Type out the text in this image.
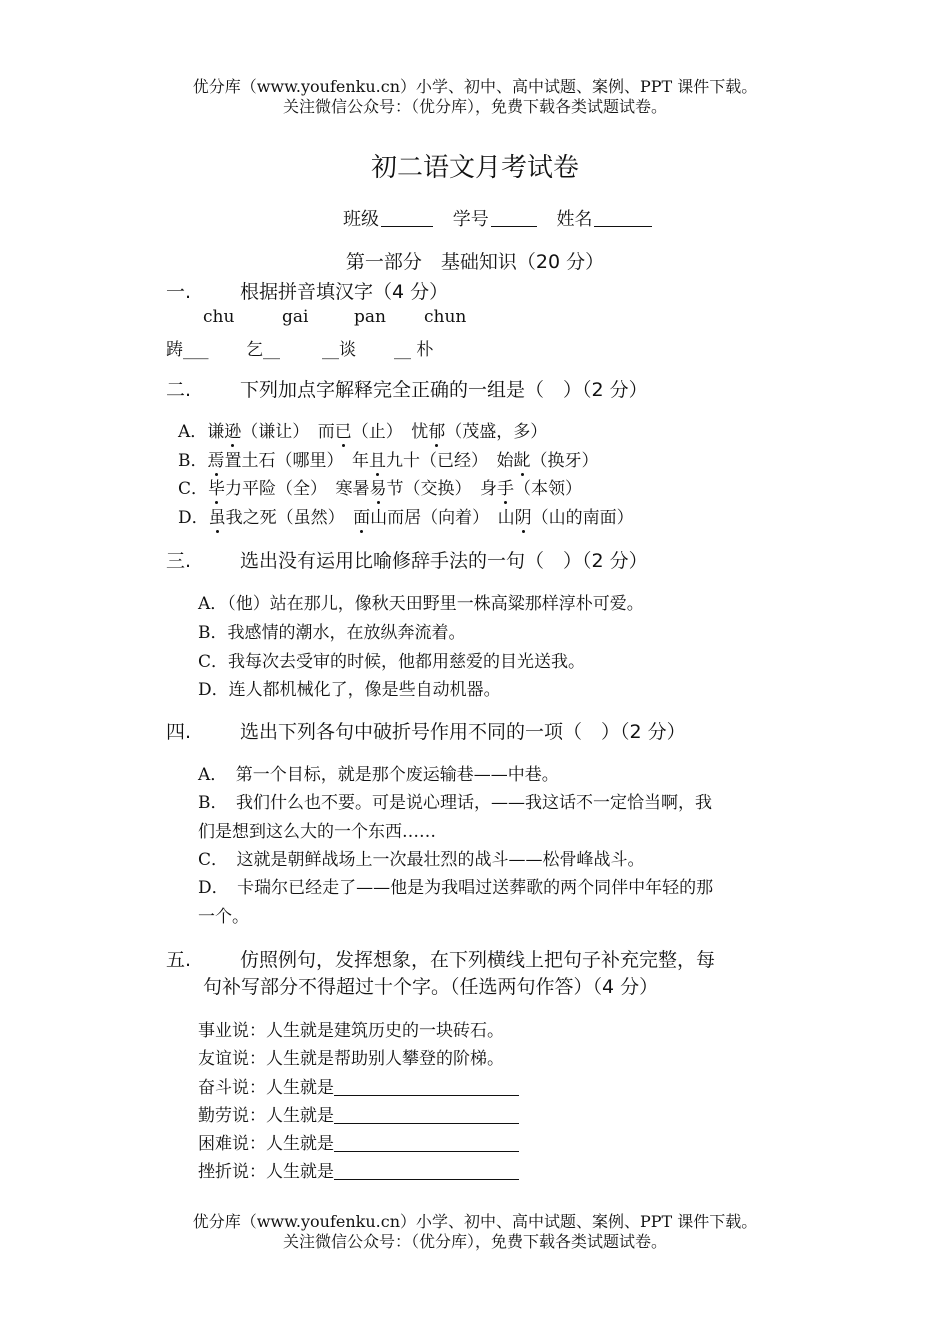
优分库（www.youfenku.cn）小学、初中、高中试题、案例、PPT 课件下载。
关注微信公众号：（优分库），免费下载各类试题试卷。
初二语文月考试卷
班级	学号	姓名
第一部分　基础知识（20 分）
一.	根据拼音填汉字（4 分）
chu	gai	pan chun
踌___ 乞__ __谈 __ 朴
二.	下列加点字解释完全正确的一组是（　）（2 分）
A．谦逊（谦让）　而已（止）　忧郁（茂盛，多）
B．焉置土石（哪里）　年且九十（已经）　始龀（换牙）
C．毕力平险（全）　寒暑易节（交换）　身手（本领）
D．虽我之死（虽然）　面山而居（向着）　山阴（山的南面）
三.	选出没有运用比喻修辞手法的一句（　）（2 分）
A．（他）站在那儿，像秋天田野里一株高粱那样淳朴可爱。
B．我感情的潮水，在放纵奔流着。
C．我每次去受审的时候，他都用慈爱的目光送我。
D．连人都机械化了，像是些自动机器。
四.	选出下列各句中破折号作用不同的一项（　）（2 分）
A．　第一个目标，就是那个废运输巷——中巷。
B．　我们什么也不要。可是说心理话，——我这话不一定恰当啊，我
们是想到这么大的一个东西……
C．　这就是朝鲜战场上一次最壮烈的战斗——松骨峰战斗。
D．　卡瑞尔已经走了——他是为我唱过送葬歌的两个同伴中年轻的那
一个。
五.	仿照例句，发挥想象，在下列横线上把句子补充完整，每
句补写部分不得超过十个字。（任选两句作答）（4 分）
事业说：人生就是建筑历史的一块砖石。
友谊说：人生就是帮助别人攀登的阶梯。
奋斗说：人生就是
勤劳说：人生就是
困难说：人生就是
挫折说：人生就是
优分库（www.youfenku.cn）小学、初中、高中试题、案例、PPT 课件下载。
关注微信公众号：（优分库），免费下载各类试题试卷。
